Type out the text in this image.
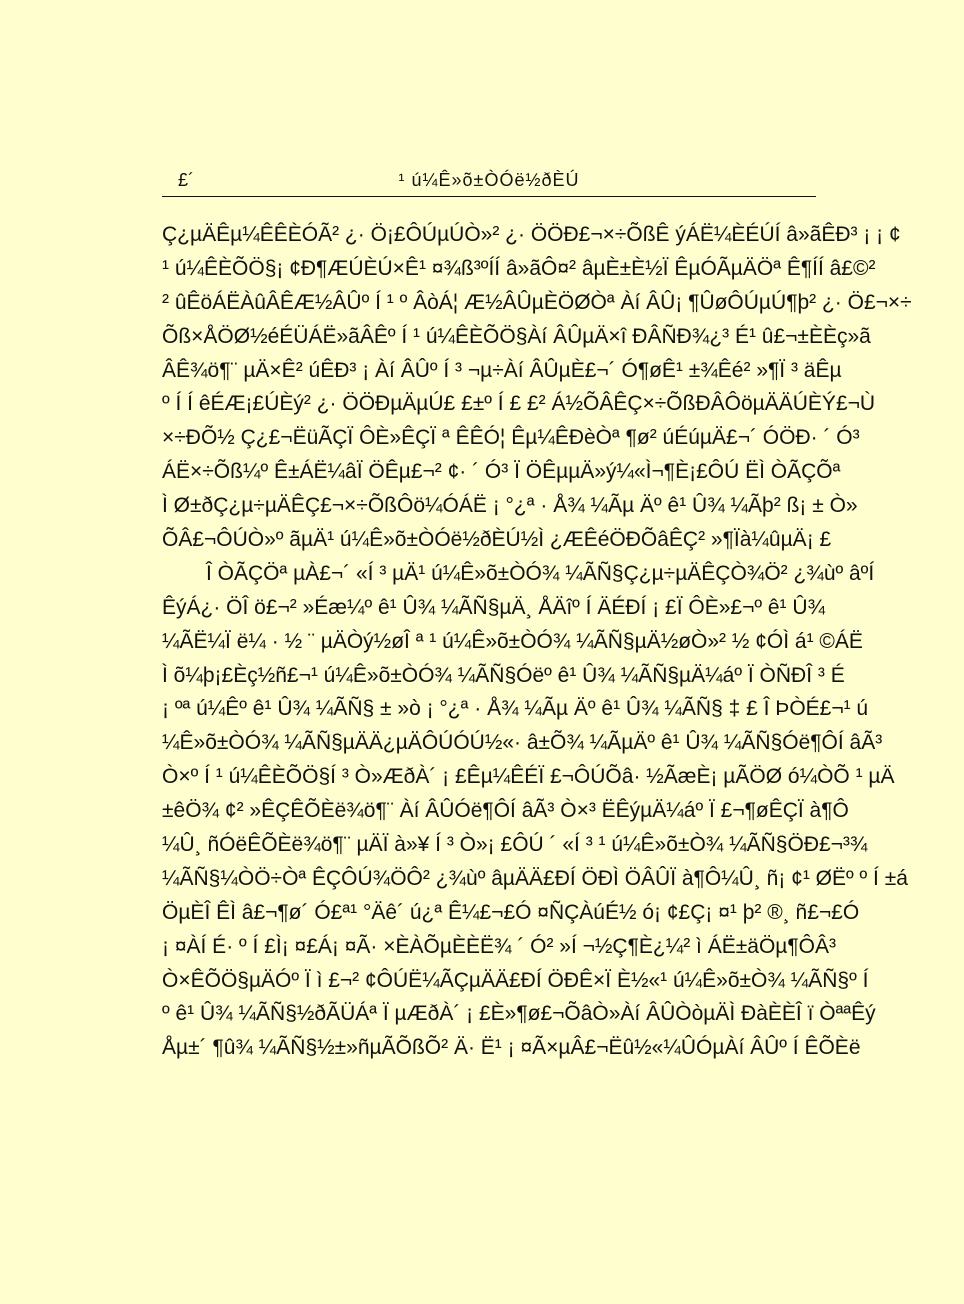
£´	¹ ú¼Ê»õ±ÒÓë½ðÈÚ
Ç¿µÄÊµ¼ÊÊÈÓÃ² ¿· Ö¡£ÔÚµÚÒ»² ¿· ÖÖÐ£¬×÷ÕßÊ ýÁË¼ÈÉÚÍ â»ãÊÐ³ ¡ ¡ ¢
¹ ú¼ÊÈÕÖ§¡ ¢Ð¶ÆÚÈÚ×Ê¹ ¤¾ß³ºÍÍ â»ãÔ¤² âµÈ±È½Ï ÊµÓÃµÄÖª Ê¶ÍÍ â£©²
² ûÊöÁËÀûÂÊÆ½ÂÛº Í ¹ º ÂòÁ¦ Æ½ÂÛµÈÖØÒª Àí ÂÛ¡ ¶ÛøÔÚµÚ¶þ² ¿· Ö£¬×÷
Õß×ÅÖØ½éÉÜÁË»ãÂÊº Í ¹ ú¼ÊÈÕÖ§Àí ÂÛµÄ×î ÐÂÑÐ¾¿³ É¹ û£¬±ÈÈç»ã
ÂÊ¾ö¶¨ µÄ×Ê² úÊÐ³ ¡ Àí ÂÛº Í ³ ¬µ÷Àí ÂÛµÈ£¬´ Ó¶øÊ¹ ±¾Êé² »¶Ï ³ äÊµ
º Í Í êÉÆ¡£ÚÈý² ¿· ÖÖÐµÄµÚ£ £±º Í £ £² Á½ÕÂÊÇ×÷ÕßÐÂÔöµÄÄÚÈÝ£¬Ù
×÷ÐÕ½ Ç¿£¬ËüÃÇÏ ÔÈ»ÊÇÏ ª ÊÊÓ¦ Êµ¼ÊÐèÒª ¶ø² úÉúµÄ£¬´ ÓÖÐ· ´ Ó³
ÁË×÷Õß¼º Ê±ÁË¼âÏ ÖÊµ£¬² ¢· ´ Ó³ Ï ÖÊµµÄ»ý¼«Ì¬¶È¡£ÔÚ ËÌ ÒÃÇÕª
Ì Ø±ðÇ¿µ÷µÄÊÇ£¬×÷ÕßÔö¼ÓÁË ¡ °¿ª · Å¾ ¼Ãµ Äº ê¹ Û¾ ¼Ãþ² ß¡ ± Ò»
ÕÂ£¬ÔÚÒ»º ãµÄ¹ ú¼Ê»õ±ÒÓë½ðÈÚ½Ì ¿ÆÊéÖÐÕâÊÇ² »¶Ïà¼ûµÄ¡ £
Î ÒÃÇÖª µÀ£¬´ «Í ³ µÄ¹ ú¼Ê»õ±ÒÓ¾ ¼ÃÑ§Ç¿µ÷µÄÊÇÒ¾Ö² ¿¾ùº âºÍ
ÊýÁ¿· ÖÎ ö£¬² »Éæ¼º ê¹ Û¾ ¼ÃÑ§µÄ¸ ÅÄîº Í ÄÉÐÍ ¡ £Ï ÔÈ»£¬º ê¹ Û¾
¼ÃË¼Ï ë¼ · ½ ¨ µÄÒý½øÎ ª ¹ ú¼Ê»õ±ÒÓ¾ ¼ÃÑ§µÄ½øÒ»² ½ ¢ÓÌ á¹ ©ÁË
Ì õ¼þ¡£Èç½ñ£¬¹ ú¼Ê»õ±ÒÓ¾ ¼ÃÑ§Óëº ê¹ Û¾ ¼ÃÑ§µÄ¼áº Ï ÒÑÐÎ ³ É
¡ ºª ú¼Êº ê¹ Û¾ ¼ÃÑ§ ± »ò ¡ °¿ª · Å¾ ¼Ãµ Äº ê¹ Û¾ ¼ÃÑ§ ‡ £ Î ÞÒÉ£¬¹ ú
¼Ê»õ±ÒÓ¾ ¼ÃÑ§µÄÄ¿µÄÔÚÓÚ½«· â±Õ¾ ¼ÃµÄº ê¹ Û¾ ¼ÃÑ§Óë¶ÔÍ âÃ³
Ò×º Í ¹ ú¼ÊÈÕÖ§Í ³ Ò»ÆðÀ´ ¡ £Êµ¼ÊÉÏ £¬ÔÚÕâ· ½ÃæÈ¡ µÃÖØ ó¼ÒÕ ¹ µÄ
±êÖ¾ ¢² »ÊÇÊÕÈë¾ö¶¨ Àí ÂÛÓë¶ÔÍ âÃ³ Ò×³ ËÊýµÄ¼áº Ï £¬¶øÊÇÏ à¶Ô
¼Û¸ ñÓëÊÕÈë¾ö¶¨ µÄÏ à»¥ Í ³ Ò»¡ £ÔÚ ´ «Í ³ ¹ ú¼Ê»õ±Ò¾ ¼ÃÑ§ÖÐ£¬³¾
¼ÃÑ§¼ÒÖ÷Òª ÊÇÔÚ¾ÖÔ² ¿¾ùº âµÄÄ£ÐÍ ÖÐÌ ÖÂÛÏ à¶Ô¼Û¸ ñ¡ ¢¹ ØËº º Í ±á
ÖµÈÎ ÊÌ â£¬¶ø´ Ó£ª¹ °Äê´ ú¿ª Ê¼£¬£Ó ¤ÑÇÀúÉ½ ó¡ ¢£Ç¡ ¤¹ þ² ®¸ ñ£¬£Ó
¡ ¤ÀÍ É· º Í £Ì¡ ¤£Á¡ ¤Ã· ×ÈÀÕµÈÈË¾ ´ Ó² »Í ¬½Ç¶È¿¼² ì ÁË±äÖµ¶ÔÂ³
Ò×ÊÕÖ§µÄÓº Ï ì £¬² ¢ÔÚË¼ÃÇµÄÄ£ÐÍ ÖÐÊ×Ï È½«¹ ú¼Ê»õ±Ò¾ ¼ÃÑ§º Í
º ê¹ Û¾ ¼ÃÑ§½ðÃÜÁª Ï µÆðÀ´ ¡ £È»¶ø£¬ÕâÒ»Àí ÂÛÒòµÄÌ ÐàÈÈÎ ï ÒªªÊý
Åµ±´ ¶û¾ ¼ÃÑ§½±»ñµÃÕßÕ² Ä· Ë¹ ¡ ¤Ã×µÂ£¬Ëû½«¼ÛÓµÀí ÂÛº Í ÊÕÈë
